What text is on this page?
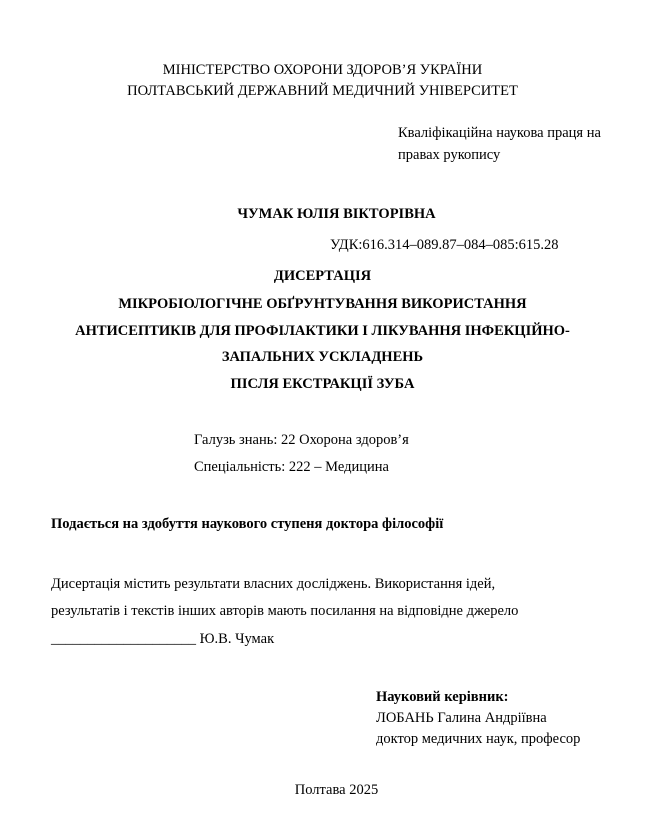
МІНІСТЕРСТВО ОХОРОНИ ЗДОРОВ’Я УКРАЇНИ
ПОЛТАВСЬКИЙ ДЕРЖАВНИЙ МЕДИЧНИЙ УНІВЕРСИТЕТ
Кваліфікаційна наукова праця на
правах рукопису
ЧУМАК ЮЛІЯ ВІКТОРІВНА
УДК:616.314–089.87–084–085:615.28
ДИСЕРТАЦІЯ
МІКРОБІОЛОГІЧНЕ ОБҐРУНТУВАННЯ ВИКОРИСТАННЯ
АНТИСЕПТИКІВ ДЛЯ ПРОФІЛАКТИКИ І ЛІКУВАННЯ ІНФЕКЦІЙНО-
ЗАПАЛЬНИХ УСКЛАДНЕНЬ
ПІСЛЯ ЕКСТРАКЦІЇ ЗУБА
Галузь знань: 22 Охорона здоров’я
Спеціальність: 222 – Медицина
Подається на здобуття наукового ступеня доктора філософії
Дисертація містить результати власних досліджень. Використання ідей,
результатів і текстів інших авторів мають посилання на відповідне джерело
____________________ Ю.В. Чумак
Науковий керівник:
ЛОБАНЬ Галина Андріївна
доктор медичних наук, професор
Полтава 2025
